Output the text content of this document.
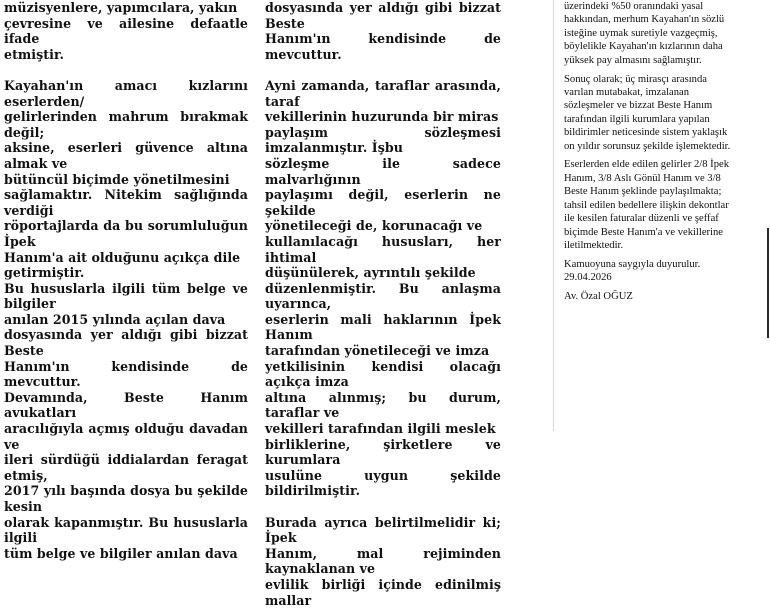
müzisyenlere, yapımcılara, yakın
çevresine ve ailesine defaatle ifade
etmiştir.

Kayahan'ın amacı kızlarını eserlerden/
gelirlerinden mahrum bırakmak değil;
aksine, eserleri güvence altına almak ve
bütüncül biçimde yönetilmesini
sağlamaktır. Nitekim sağlığında verdiği
röportajlarda da bu sorumluluğun İpek
Hanım'a ait olduğunu açıkça dile
getirmiştir.

Bu hususlarla ilgili tüm belge ve bilgiler
anılan 2015 yılında açılan dava
dosyasında yer aldığı gibi bizzat Beste
Hanım'ın kendisinde de mevcuttur.

Devamında, Beste Hanım avukatları
aracılığıyla açmış olduğu davadan ve
ileri sürdüğü iddialardan feragat etmiş,
2017 yılı başında dosya bu şekilde kesin
olarak kapanmıştır. Bu hususlarla ilgili
tüm belge ve bilgiler anılan dava

dosyasında yer aldığı gibi bizzat Beste
Hanım'ın kendisinde de mevcuttur.

Ayni zamanda, taraflar arasında, taraf
vekillerinin huzurunda bir miras
paylaşım sözleşmesi imzalanmıştır. İşbu
sözleşme ile sadece malvarlığının
paylaşımı değil, eserlerin ne şekilde
yönetileceği de, korunacağı ve
kullanılacağı hususları, her ihtimal
düşünülerek, ayrıntılı şekilde
düzenlenmiştir. Bu anlaşma uyarınca,
eserlerin mali haklarının İpek Hanım
tarafından yönetileceği ve imza
yetkilisinin kendisi olacağı açıkça imza
altına alınmış; bu durum, taraflar ve
vekilleri tarafından ilgili meslek
birliklerine, şirketlere ve kurumlara
usulüne uygun şekilde bildirilmiştir.

Burada ayrıca belirtilmelidir ki; İpek
Hanım, mal rejiminden kaynaklanan ve
evlilik birliği içinde edinilmiş mallar

üzerindeki %50 oranındaki yasal
hakkından, merhum Kayahan'ın sözlü
isteğine uymak suretiyle vazgeçmiş,
böylelikle Kayahan'ın kızlarının daha
yüksek pay almasını sağlamıştır.

Sonuç olarak; üç mirasçı arasında
varılan mutabakat, imzalanan
sözleşmeler ve bizzat Beste Hanım
tarafından ilgili kurumlara yapılan
bildirimler neticesinde sistem yaklaşık
on yıldır sorunsuz şekilde işlemektedir.

Eserlerden elde edilen gelirler 2/8 İpek
Hanım, 3/8 Aslı Gönül Hanım ve 3/8
Beste Hanım şeklinde paylaşılmakta;
tahsil edilen bedellere ilişkin dekontlar
ile kesilen faturalar düzenli ve şeffaf
biçimde Beste Hanım'a ve vekillerine
iletilmektedir.

Kamuoyuna saygıyla duyurulur.
29.04.2026

Av. Özal OĞUZ
